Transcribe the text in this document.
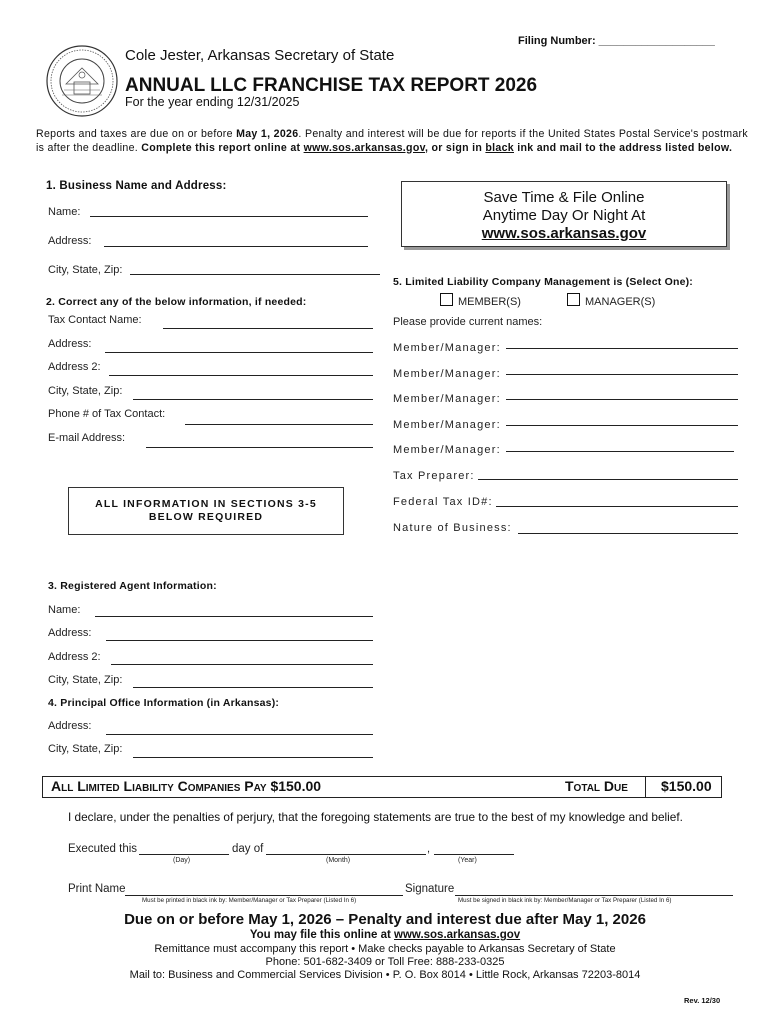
Filing Number: ___________________
Cole Jester, Arkansas Secretary of State
ANNUAL LLC FRANCHISE TAX REPORT 2026
For the year ending 12/31/2025
Reports and taxes are due on or before May 1, 2026. Penalty and interest will be due for reports if the United States Postal Service's postmark is after the deadline. Complete this report online at www.sos.arkansas.gov, or sign in black ink and mail to the address listed below.
1. Business Name and Address:
Name:
Address:
City, State, Zip:
Save Time & File Online
Anytime Day Or Night At
www.sos.arkansas.gov
5. Limited Liability Company Management is (Select One):
MEMBER(S)	MANAGER(S)
Please provide current names:
Member/Manager:
Member/Manager:
Member/Manager:
Member/Manager:
Member/Manager:
Tax Preparer:
Federal Tax ID#:
Nature of Business:
2. Correct any of the below information, if needed:
Tax Contact Name:
Address:
Address 2:
City, State, Zip:
Phone # of Tax Contact:
E-mail Address:
ALL INFORMATION IN SECTIONS 3-5
BELOW REQUIRED
3. Registered Agent Information:
Name:
Address:
Address 2:
City, State, Zip:
4. Principal Office Information (in Arkansas):
Address:
City, State, Zip:
All Limited Liability Companies Pay $150.00	Total Due $150.00
I declare, under the penalties of perjury, that the foregoing statements are true to the best of my knowledge and belief.
Executed this	day of	,
(Day)	(Month)	(Year)
Print Name	Signature
Must be printed in black ink by: Member/Manager or Tax Preparer (Listed In 6)	Must be signed in black ink by: Member/Manager or Tax Preparer (Listed In 6)
Due on or before May 1, 2026 – Penalty and interest due after May 1, 2026
You may file this online at www.sos.arkansas.gov
Remittance must accompany this report • Make checks payable to Arkansas Secretary of State
Phone: 501-682-3409 or Toll Free: 888-233-0325
Mail to: Business and Commercial Services Division • P. O. Box 8014 • Little Rock, Arkansas 72203-8014
Rev. 12/30
